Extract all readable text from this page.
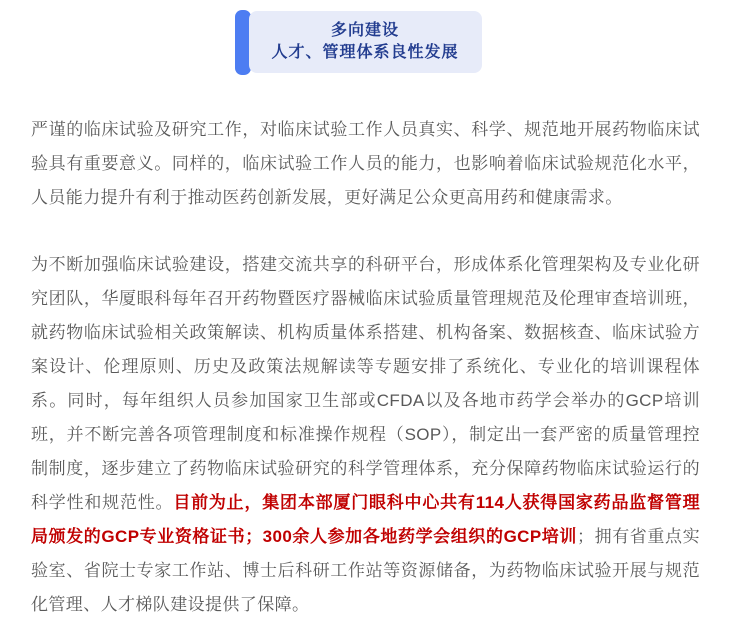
多向建设
人才、管理体系良性发展

严谨的临床试验及研究工作，对临床试验工作人员真实、科学、规范地开展药物临床试验具有重要意义。同样的，临床试验工作人员的能力，也影响着临床试验规范化水平，人员能力提升有利于推动医药创新发展，更好满足公众更高用药和健康需求。

为不断加强临床试验建设，搭建交流共享的科研平台，形成体系化管理架构及专业化研究团队，华厦眼科每年召开药物暨医疗器械临床试验质量管理规范及伦理审查培训班，就药物临床试验相关政策解读、机构质量体系搭建、机构备案、数据核查、临床试验方案设计、伦理原则、历史及政策法规解读等专题安排了系统化、专业化的培训课程体系。同时，每年组织人员参加国家卫生部或CFDA以及各地市药学会举办的GCP培训班，并不断完善各项管理制度和标准操作规程（SOP），制定出一套严密的质量管理控制制度，逐步建立了药物临床试验研究的科学管理体系，充分保障药物临床试验运行的科学性和规范性。目前为止，集团本部厦门眼科中心共有114人获得国家药品监督管理局颁发的GCP专业资格证书；300余人参加各地药学会组织的GCP培训；拥有省重点实验室、省院士专家工作站、博士后科研工作站等资源储备，为药物临床试验开展与规范化管理、人才梯队建设提供了保障。
